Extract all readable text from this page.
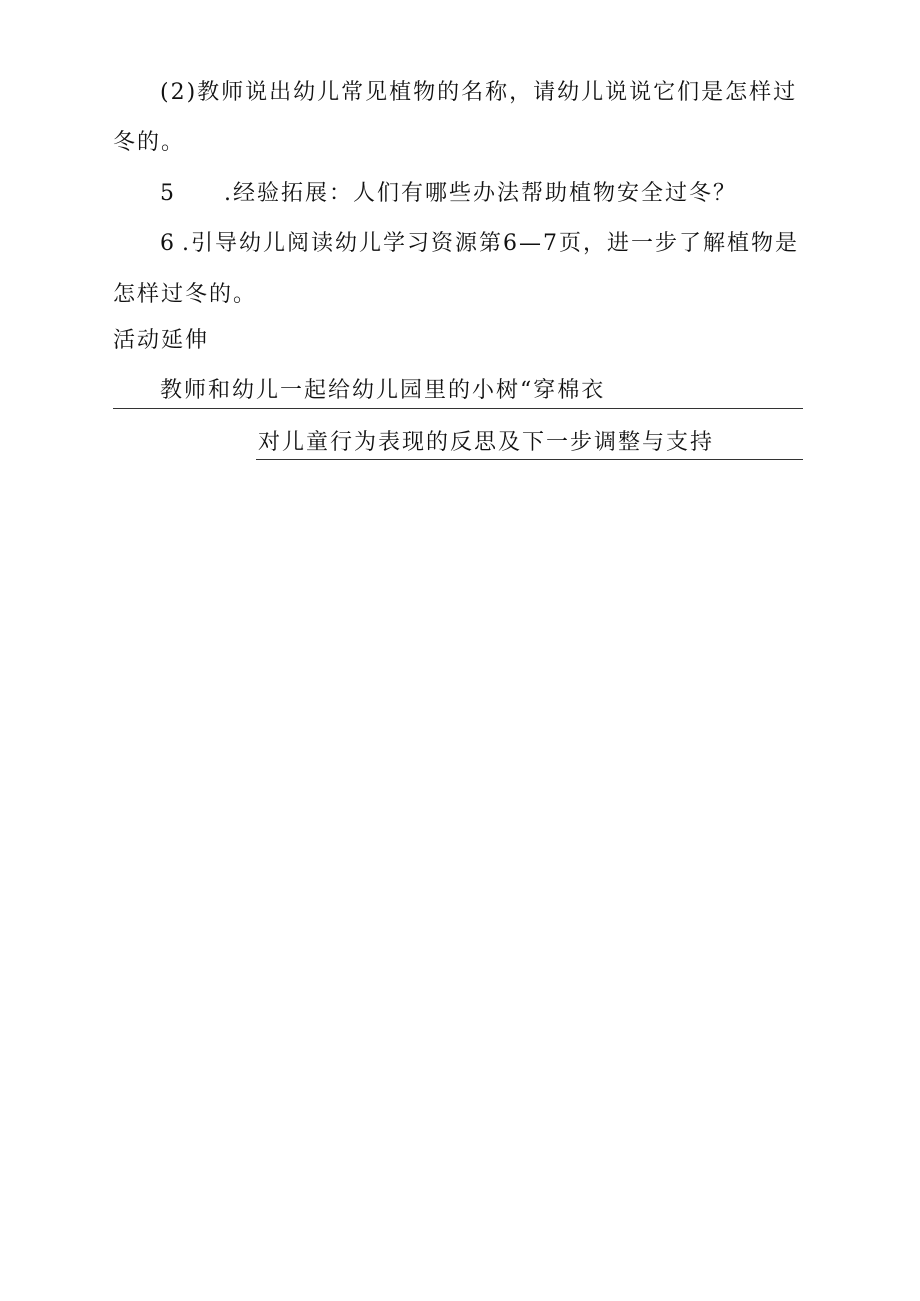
(2)教师说出幼儿常见植物的名称，请幼儿说说它们是怎样过
冬的。
5 .经验拓展：人们有哪些办法帮助植物安全过冬？
6 .引导幼儿阅读幼儿学习资源第6—7页，进一步了解植物是
怎样过冬的。
活动延伸
教师和幼儿一起给幼儿园里的小树“穿棉衣
对儿童行为表现的反思及下一步调整与支持
